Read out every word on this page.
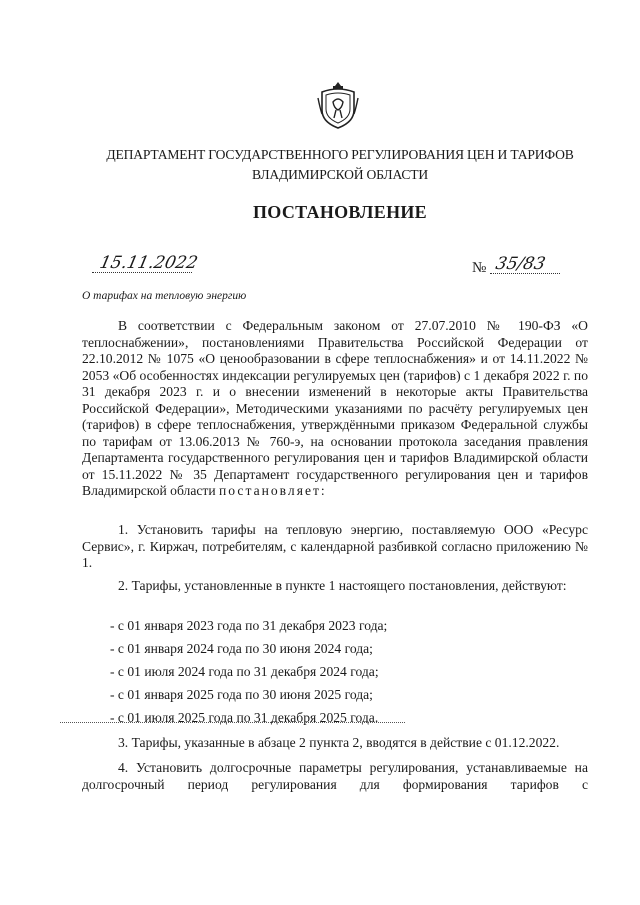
ДЕПАРТАМЕНТ ГОСУДАРСТВЕННОГО РЕГУЛИРОВАНИЯ ЦЕН И ТАРИФОВ
ВЛАДИМИРСКОЙ ОБЛАСТИ
ПОСТАНОВЛЕНИЕ
15.11.2022	№ 35/83
О тарифах на тепловую энергию

В соответствии с Федеральным законом от 27.07.2010 № 190-ФЗ «О теплоснабжении», постановлениями Правительства Российской Федерации от 22.10.2012 № 1075 «О ценообразовании в сфере теплоснабжения» и от 14.11.2022 № 2053 «Об особенностях индексации регулируемых цен (тарифов) с 1 декабря 2022 г. по 31 декабря 2023 г. и о внесении изменений в некоторые акты Правительства Российской Федерации», Методическими указаниями по расчёту регулируемых цен (тарифов) в сфере теплоснабжения, утверждёнными приказом Федеральной службы по тарифам от 13.06.2013 № 760-э, на основании протокола заседания правления Департамента государственного регулирования цен и тарифов Владимирской области от 15.11.2022 № 35 Департамент государственного регулирования цен и тарифов Владимирской области постановляет:

1. Установить тарифы на тепловую энергию, поставляемую ООО «Ресурс Сервис», г. Киржач, потребителям, с календарной разбивкой согласно приложению № 1.

2. Тарифы, установленные в пункте 1 настоящего постановления, действуют:

- с 01 января 2023 года по 31 декабря 2023 года;
- с 01 января 2024 года по 30 июня 2024 года;
- с 01 июля 2024 года по 31 декабря 2024 года;
- с 01 января 2025 года по 30 июня 2025 года;
- с 01 июля 2025 года по 31 декабря 2025 года.

3. Тарифы, указанные в абзаце 2 пункта 2, вводятся в действие с 01.12.2022.

4. Установить долгосрочные параметры регулирования, устанавливаемые на долгосрочный период регулирования для формирования тарифов с
